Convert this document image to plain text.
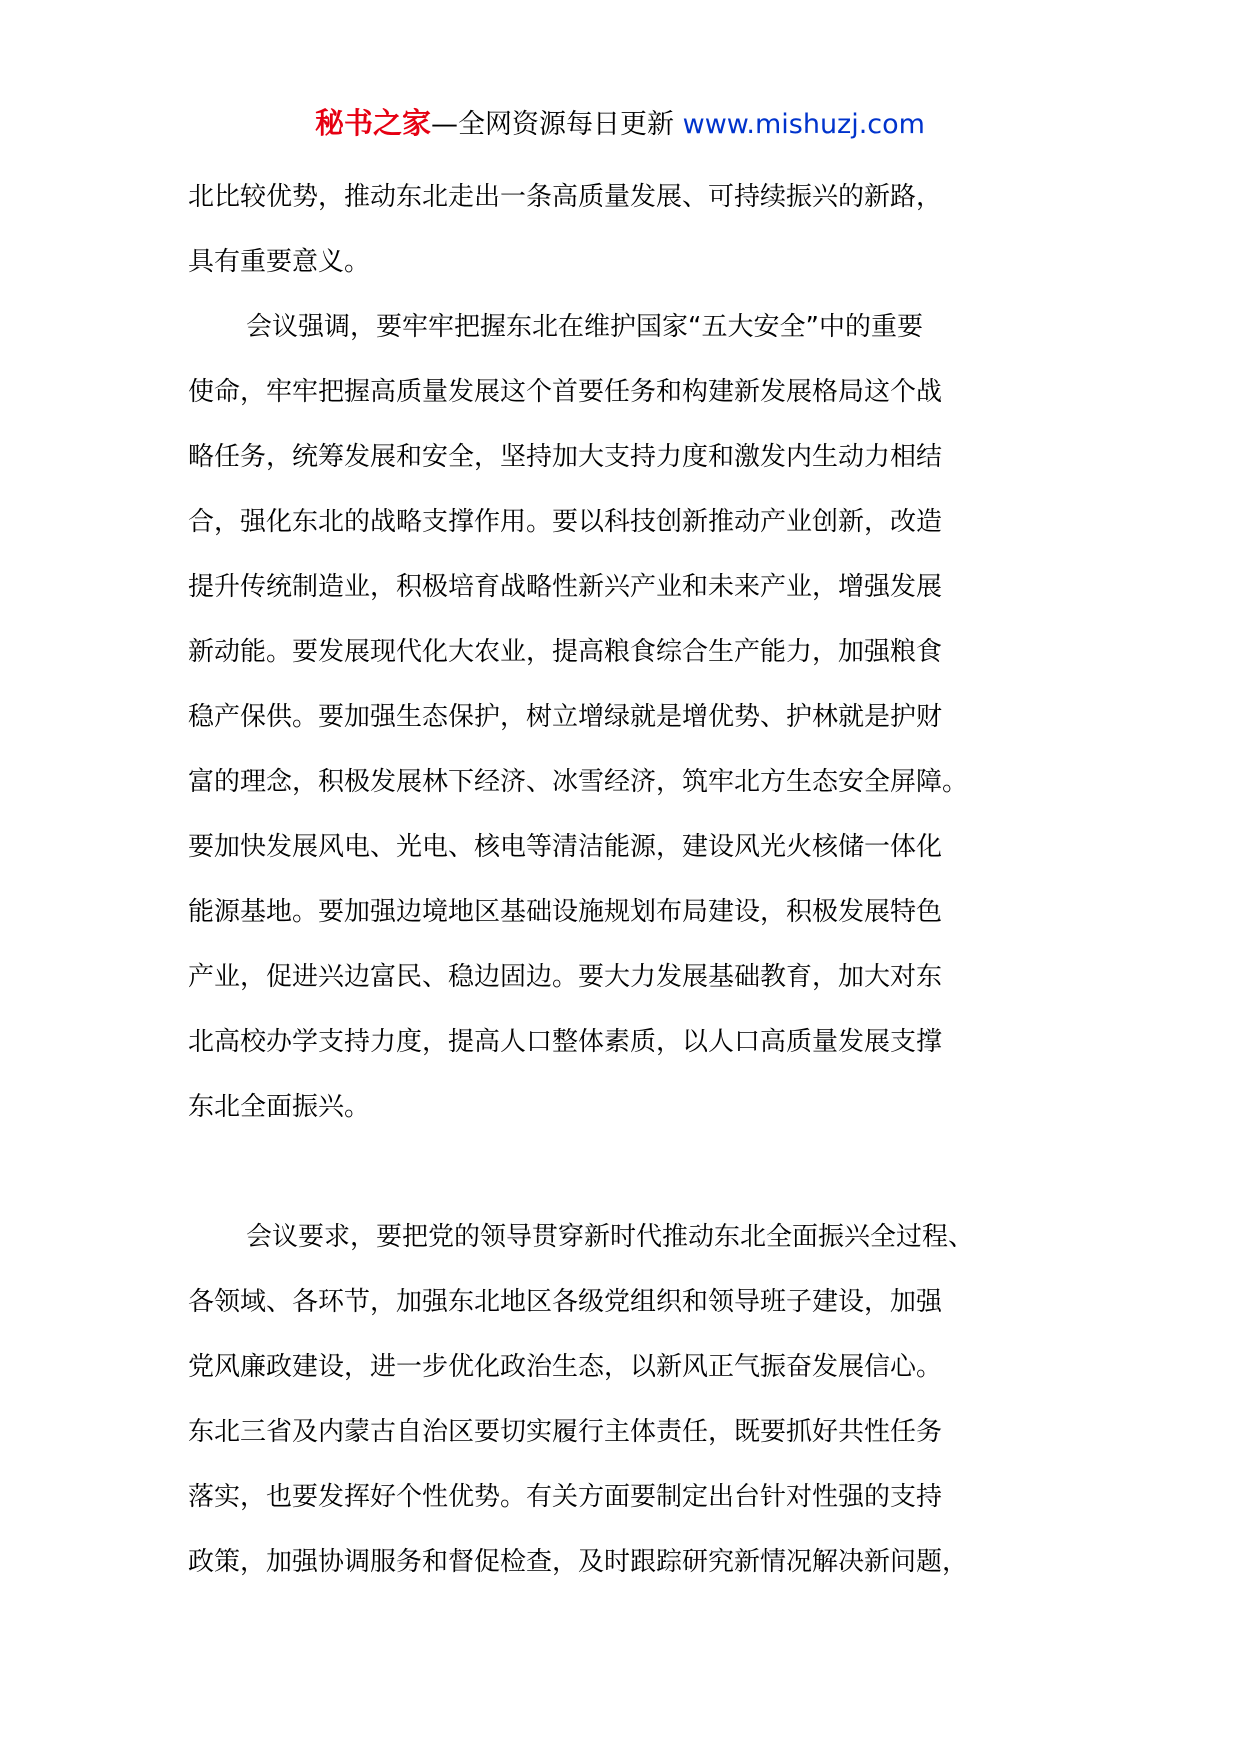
秘书之家—全网资源每日更新 www.mishuzj.com
北比较优势，推动东北走出一条高质量发展、可持续振兴的新路，
具有重要意义。
会议强调，要牢牢把握东北在维护国家“五大安全”中的重要
使命，牢牢把握高质量发展这个首要任务和构建新发展格局这个战
略任务，统筹发展和安全，坚持加大支持力度和激发内生动力相结
合，强化东北的战略支撑作用。要以科技创新推动产业创新，改造
提升传统制造业，积极培育战略性新兴产业和未来产业，增强发展
新动能。要发展现代化大农业，提高粮食综合生产能力，加强粮食
稳产保供。要加强生态保护，树立增绿就是增优势、护林就是护财
富的理念，积极发展林下经济、冰雪经济，筑牢北方生态安全屏障。
要加快发展风电、光电、核电等清洁能源，建设风光火核储一体化
能源基地。要加强边境地区基础设施规划布局建设，积极发展特色
产业，促进兴边富民、稳边固边。要大力发展基础教育，加大对东
北高校办学支持力度，提高人口整体素质，以人口高质量发展支撑
东北全面振兴。
会议要求，要把党的领导贯穿新时代推动东北全面振兴全过程、
各领域、各环节，加强东北地区各级党组织和领导班子建设，加强
党风廉政建设，进一步优化政治生态，以新风正气振奋发展信心。
东北三省及内蒙古自治区要切实履行主体责任，既要抓好共性任务
落实，也要发挥好个性优势。有关方面要制定出台针对性强的支持
政策，加强协调服务和督促检查，及时跟踪研究新情况解决新问题，
